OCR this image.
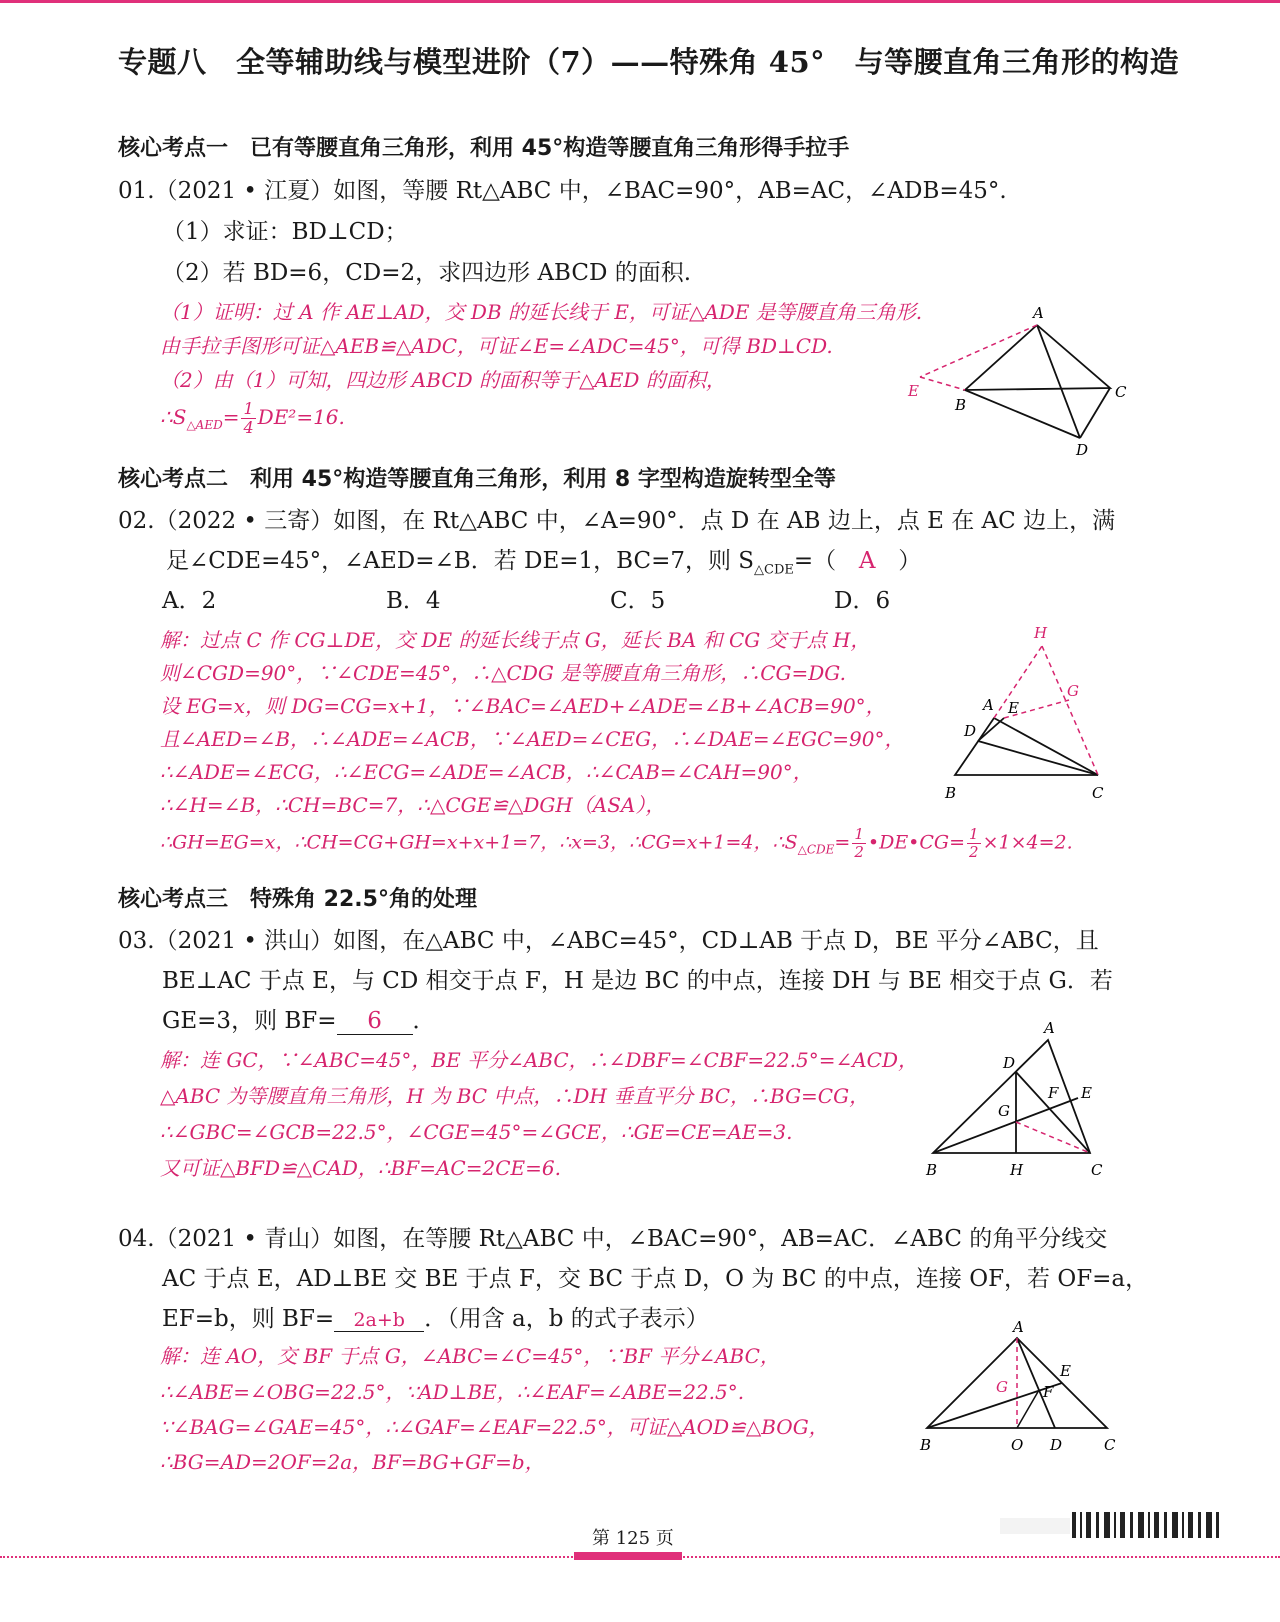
专题八　全等辅助线与模型进阶（7）——特殊角 45°　与等腰直角三角形的构造
核心考点一　已有等腰直角三角形，利用 45°构造等腰直角三角形得手拉手
01.（2021 • 江夏）如图，等腰 Rt△ABC 中，∠BAC=90°，AB=AC，∠ADB=45°.
（1）求证：BD⊥CD；
（2）若 BD=6，CD=2，求四边形 ABCD 的面积.
（1）证明：过 A 作 AE⊥AD，交 DB 的延长线于 E，可证△ADE 是等腰直角三角形.
由手拉手图形可证△AEB≌△ADC，可证∠E=∠ADC=45°，可得 BD⊥CD.
（2）由（1）可知，四边形 ABCD 的面积等于△AED 的面积，
$\therefore S_{\triangle AED}= \frac{1}{4} DE^2=16$.
A
E
B
C
D
核心考点二　利用 45°构造等腰直角三角形，利用 8 字型构造旋转型全等
02.（2022 • 三寄）如图，在 Rt△ABC 中，∠A=90°．点 D 在 AB 边上，点 E 在 AC 边上，满
足∠CDE=45°，∠AED=∠B．若 DE=1，BC=7，则 $S_{\triangle CDE}=$（ A ）
A．2	B．4	C．5	D．6
解：过点 C 作 CG⊥DE，交 DE 的延长线于点 G，延长 BA 和 CG 交于点 H，
则∠CGD=90°，∵∠CDE=45°，∴△CDG 是等腰直角三角形，∴CG=DG.
设 EG=x，则 DG=CG=x+1，∵∠BAC=∠AED+∠ADE=∠B+∠ACB=90°，
且∠AED=∠B，∴∠ADE=∠ACB，∵∠AED=∠CEG，∴∠DAE=∠EGC=90°，
∴∠ADE=∠ECG，∴∠ECG=∠ADE=∠ACB，∴∠CAB=∠CAH=90°，
∴∠H=∠B，∴CH=BC=7，∴△CGE≌△DGH（ASA），
∴GH=EG=x，∴CH=CG+GH=x+x+1=7，∴x=3，∴CG=x+1=4，$\therefore S_{\triangle CDE}= \frac{1}{2}$ •DE•CG= $\frac{1}{2} \times 1\times 4=2$.
H
G
A E
D
B	C
核心考点三　特殊角 22.5°角的处理
03.（2021 • 洪山）如图，在△ABC 中，∠ABC=45°，CD⊥AB 于点 D，BE 平分∠ABC，且
BE⊥AC 于点 E，与 CD 相交于点 F，H 是边 BC 的中点，连接 DH 与 BE 相交于点 G．若
GE=3，则 BF= 6 ．
解：连 GC，∵∠ABC=45°，BE 平分∠ABC，∴∠DBF=∠CBF=22.5°=∠ACD，
△ABC 为等腰直角三角形，H 为 BC 中点，∴DH 垂直平分 BC，∴BG=CG，
∴∠GBC=∠GCB=22.5°，∠CGE=45°=∠GCE，∴GE=CE=AE=3.
又可证△BFD≌△CAD，∴BF=AC=2CE=6.
A
D
F E
G
B	H	C
04.（2021 • 青山）如图，在等腰 Rt△ABC 中，∠BAC=90°，AB=AC．∠ABC 的角平分线交
AC 于点 E，AD⊥BE 交 BE 于点 F，交 BC 于点 D，O 为 BC 的中点，连接 OF，若 OF=a，
EF=b，则 BF= 2a+b ．（用含 a，b 的式子表示）
解：连 AO，交 BF 于点 G，∠ABC=∠C=45°，∵BF 平分∠ABC，
∴∠ABE=∠OBG=22.5°，∵AD⊥BE，∴∠EAF=∠ABE=22.5°.
∵∠BAG=∠GAE=45°，∴∠GAF=∠EAF=22.5°，可证△AOD≌△BOG，
∴BG=AD=2OF=2a，BF=BG+GF=b，
A
E
G F
B	O D	C
第 125 页
